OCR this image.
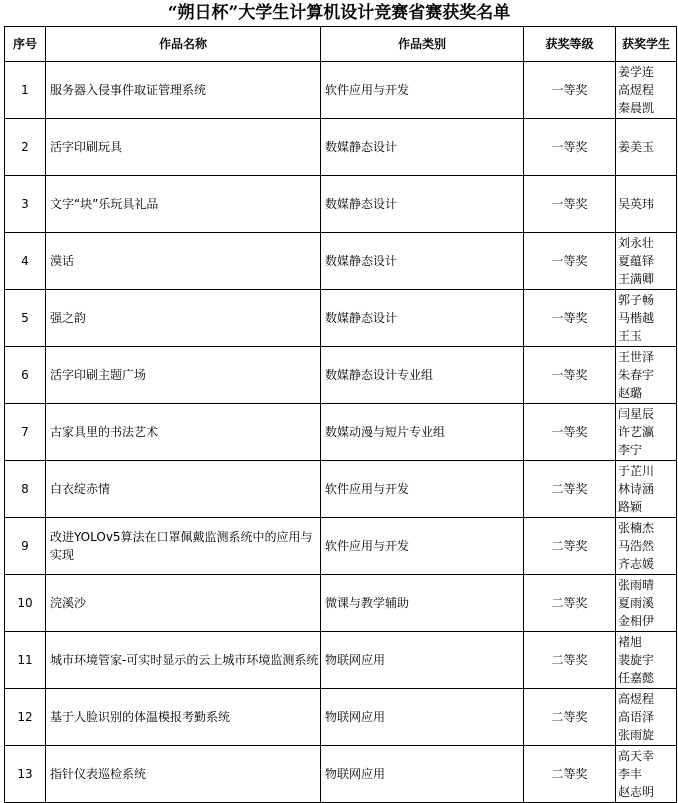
“朔日杯”大学生计算机设计竞赛省赛获奖名单
序号	作品名称	作品类别	获奖等级	获奖学生
1	服务器入侵事件取证管理系统	软件应用与开发	一等奖	姜学连
高煜程
秦晨凯

2	活字印刷玩具	数媒静态设计	一等奖	姜美玉

3	文字“块”乐玩具礼品	数媒静态设计	一等奖	吴英玮

4	漠话	数媒静态设计	一等奖	刘永壮
夏蕴铎
王满卿

5	强之韵	数媒静态设计	一等奖	郭子畅
马楷越
王玉

6	活字印刷主题广场	数媒静态设计专业组	一等奖	王世泽
朱春宇
赵璐

7	古家具里的书法艺术	数媒动漫与短片专业组	一等奖	闫星辰
许艺瀛
李宁

8	白衣绽赤情	软件应用与开发	二等奖	于芷川
林诗涵
路颖

9	改进YOLOv5算法在口罩佩戴监测系统中的应用与实现	软件应用与开发	二等奖	张楠杰
马浩然
齐志媛

10	浣溪沙	微课与教学辅助	二等奖	张雨晴
夏雨溪
金相伊

11	城市环境管家-可实时显示的云上城市环境监测系统	物联网应用	二等奖	褚旭
裴旋宇
任嘉懿

12	基于人脸识别的体温模报考勤系统	物联网应用	二等奖	高煜程
高语泽
张雨旋

13	指针仪表巡检系统	物联网应用	二等奖	高天幸
李丰
赵志明
